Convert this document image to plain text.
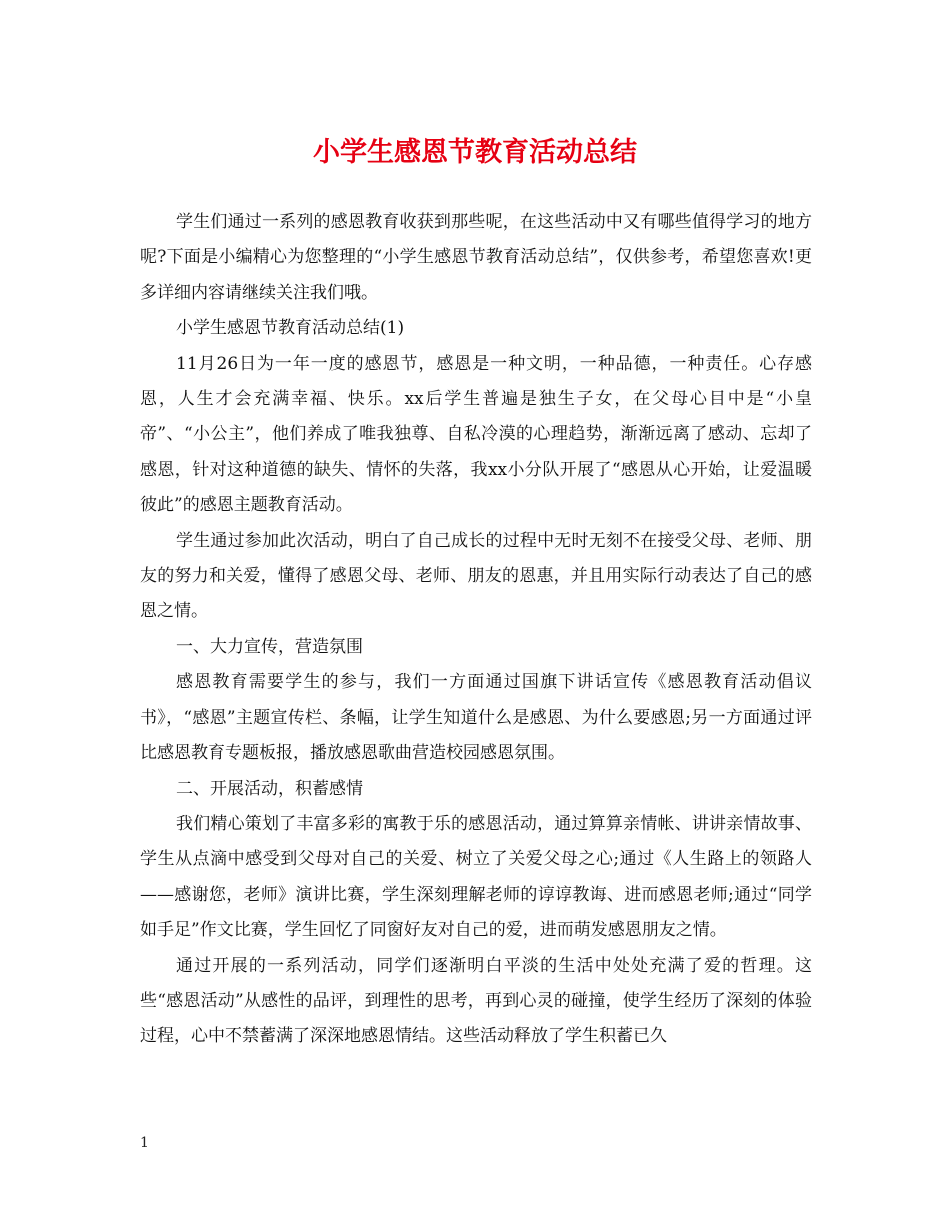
小学生感恩节教育活动总结

学生们通过一系列的感恩教育收获到那些呢，在这些活动中又有哪些值得学习的地方呢?下面是小编精心为您整理的“小学生感恩节教育活动总结”，仅供参考，希望您喜欢!更多详细内容请继续关注我们哦。

小学生感恩节教育活动总结(1)

11月26日为一年一度的感恩节，感恩是一种文明，一种品德，一种责任。心存感恩，人生才会充满幸福、快乐。xx后学生普遍是独生子女，在父母心目中是“小皇帝”、“小公主”，他们养成了唯我独尊、自私冷漠的心理趋势，渐渐远离了感动、忘却了感恩，针对这种道德的缺失、情怀的失落，我xx小分队开展了“感恩从心开始，让爱温暖彼此”的感恩主题教育活动。

学生通过参加此次活动，明白了自己成长的过程中无时无刻不在接受父母、老师、朋友的努力和关爱，懂得了感恩父母、老师、朋友的恩惠，并且用实际行动表达了自己的感恩之情。

一、大力宣传，营造氛围

感恩教育需要学生的参与，我们一方面通过国旗下讲话宣传《感恩教育活动倡议书》，“感恩”主题宣传栏、条幅，让学生知道什么是感恩、为什么要感恩;另一方面通过评比感恩教育专题板报，播放感恩歌曲营造校园感恩氛围。

二、开展活动，积蓄感情

我们精心策划了丰富多彩的寓教于乐的感恩活动，通过算算亲情帐、讲讲亲情故事、学生从点滴中感受到父母对自己的关爱、树立了关爱父母之心;通过《人生路上的领路人——感谢您，老师》演讲比赛，学生深刻理解老师的谆谆教诲、进而感恩老师;通过“同学如手足”作文比赛，学生回忆了同窗好友对自己的爱，进而萌发感恩朋友之情。

通过开展的一系列活动，同学们逐渐明白平淡的生活中处处充满了爱的哲理。这些“感恩活动”从感性的品评，到理性的思考，再到心灵的碰撞，使学生经历了深刻的体验过程，心中不禁蓄满了深深地感恩情结。这些活动释放了学生积蓄已久

1
